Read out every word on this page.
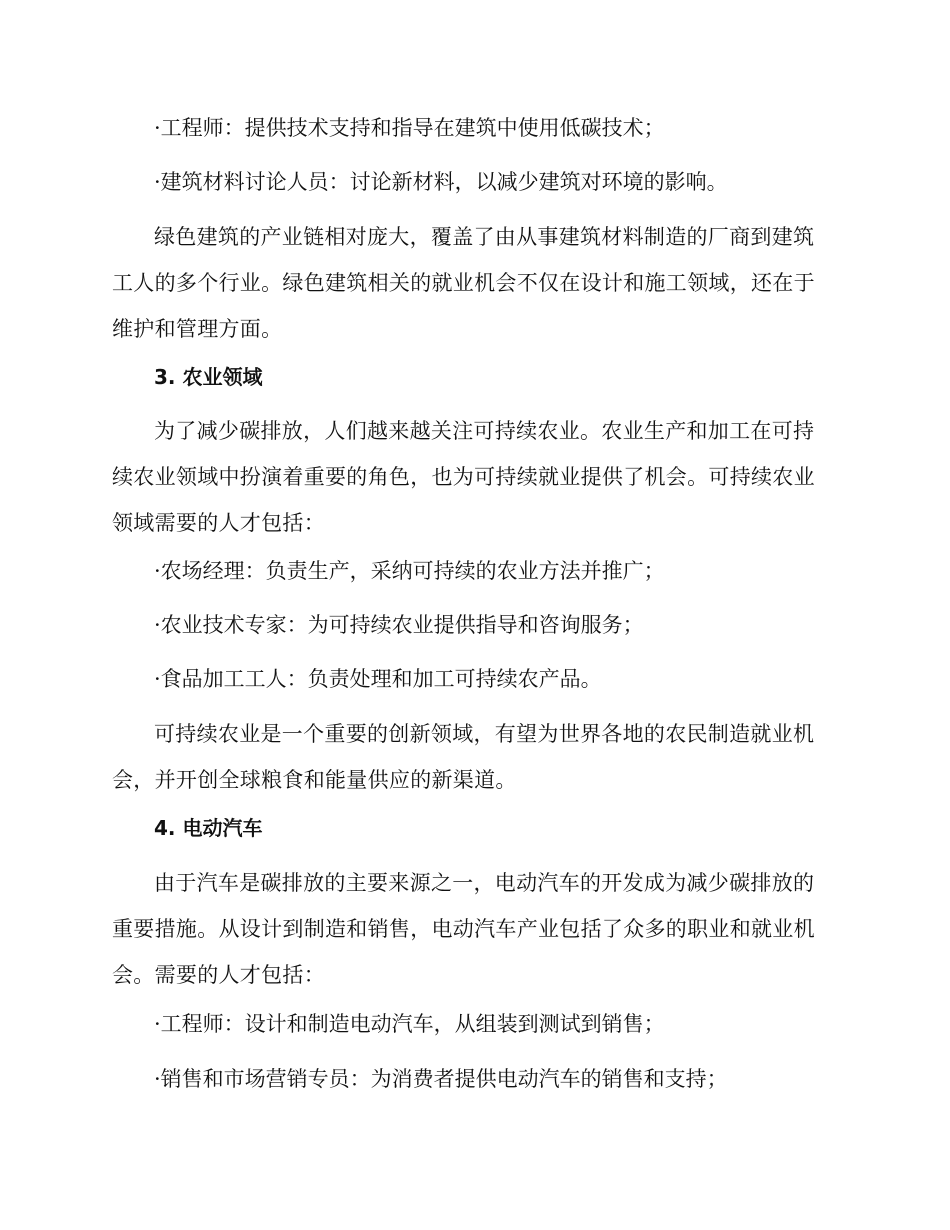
·工程师：提供技术支持和指导在建筑中使用低碳技术；

·建筑材料讨论人员：讨论新材料，以减少建筑对环境的影响。

绿色建筑的产业链相对庞大，覆盖了由从事建筑材料制造的厂商到建筑
工人的多个行业。绿色建筑相关的就业机会不仅在设计和施工领域，还在于
维护和管理方面。
3. 农业领域
为了减少碳排放，人们越来越关注可持续农业。农业生产和加工在可持
续农业领域中扮演着重要的角色，也为可持续就业提供了机会。可持续农业
领域需要的人才包括：

·农场经理：负责生产，采纳可持续的农业方法并推广；

·农业技术专家：为可持续农业提供指导和咨询服务；

·食品加工工人：负责处理和加工可持续农产品。

可持续农业是一个重要的创新领域，有望为世界各地的农民制造就业机
会，并开创全球粮食和能量供应的新渠道。
4. 电动汽车
由于汽车是碳排放的主要来源之一，电动汽车的开发成为减少碳排放的
重要措施。从设计到制造和销售，电动汽车产业包括了众多的职业和就业机
会。需要的人才包括：

·工程师：设计和制造电动汽车，从组装到测试到销售；

·销售和市场营销专员：为消费者提供电动汽车的销售和支持；
